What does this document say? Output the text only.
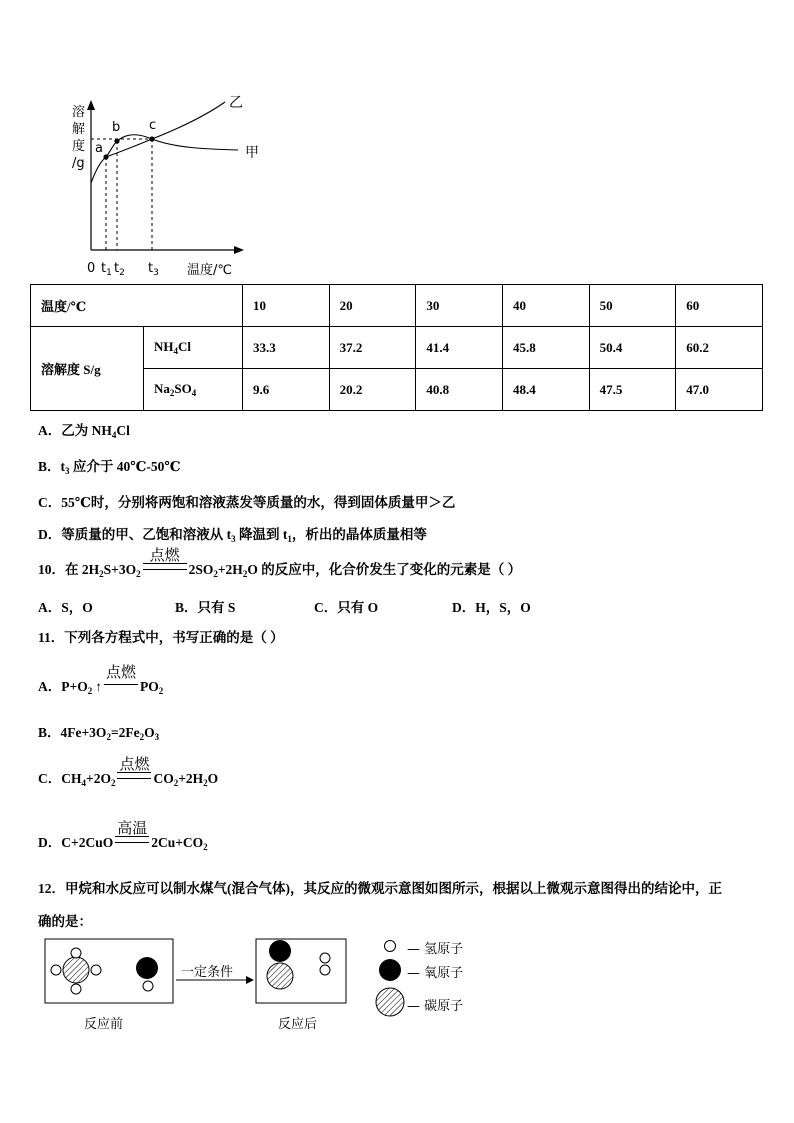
溶
解
度
/g
乙
甲
a
b c
0 $t_1$ $t_2$ $t_3$ 温度/℃
温度/℃		10	20	30	40	50	60
溶解度 S/g	$NH_4Cl$	33.3	37.2	41.4	45.8	50.4	60.2
	$Na_2SO_4$	9.6	20.2	40.8	48.4	47.5	47.0
A．乙为 $NH_4Cl$
B．$t_3$ 应介于 40℃-50℃
C．55℃时，分别将两饱和溶液蒸发等质量的水，得到固体质量甲＞乙
D．等质量的甲、乙饱和溶液从 $t_3$ 降温到 $t_1$，析出的晶体质量相等
10．在 $2H_2S+3O_2$
点燃
$2SO_2+2H_2O$ 的反应中，化合价发生了变化的元素是（ ）
A．S，O	B．只有 S	C．只有 O	D．H，S，O
11．下列各方程式中，书写正确的是（ ）
A．$P+O_2$ ↑
点燃
$PO_2$
B．$4Fe+3O_2=2Fe_2O_3$
C．$CH_4+2O_2$
点燃
$CO_2+2H_2O$
D．C+2CuO
高温
$2Cu+CO_2$
12．甲烷和水反应可以制水煤气(混合气体)，其反应的微观示意图如图所示，根据以上微观示意图得出的结论中，正
确的是：
一定条件
反应前	反应后
— 氢原子
— 氧原子
— 碳原子
